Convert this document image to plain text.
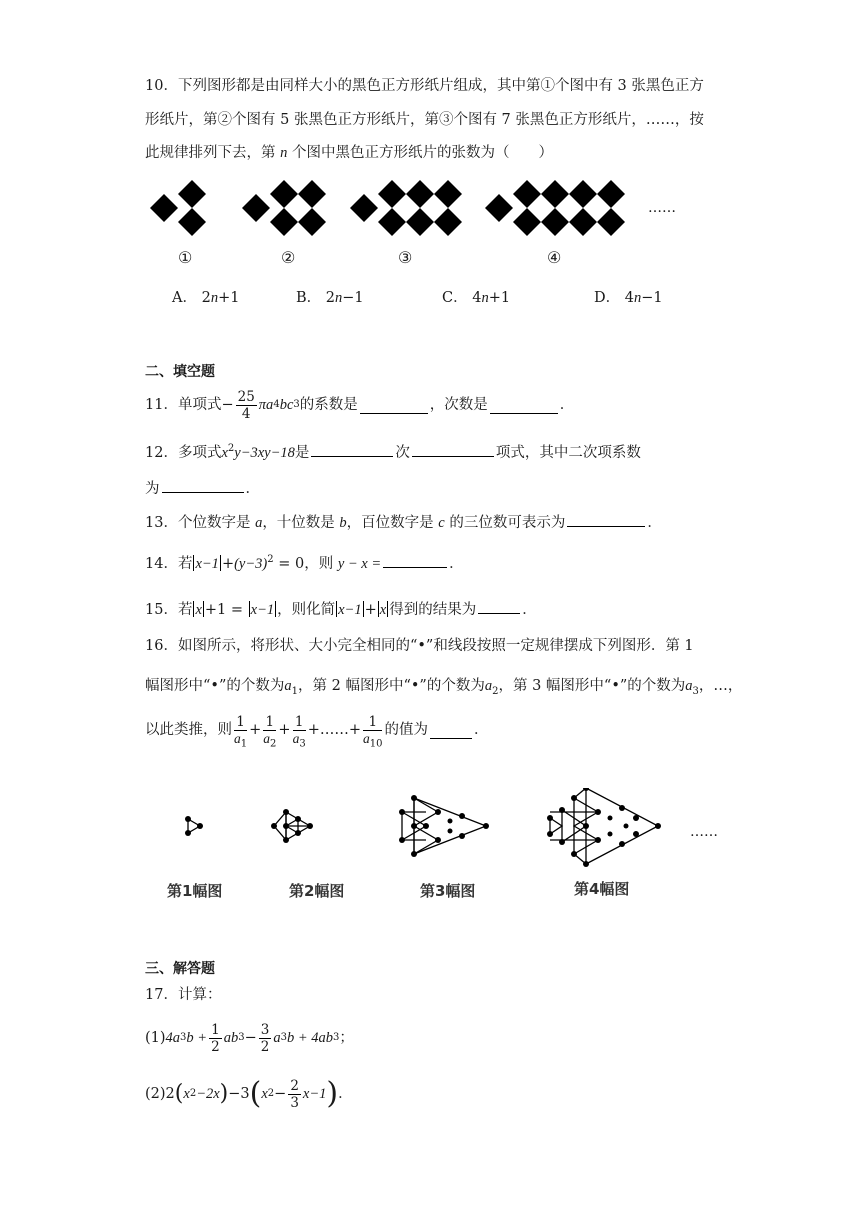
10．下列图形都是由同样大小的黑色正方形纸片组成，其中第①个图中有 3 张黑色正方
形纸片，第②个图有 5 张黑色正方形纸片，第③个图有 7 张黑色正方形纸片，……，按
此规律排列下去，第 n 个图中黑色正方形纸片的张数为（　　）
……
①	②	③	④
A． 2n+1	B． 2n−1	C． 4n+1	D． 4n−1
二、填空题
11．单项式 − $\frac{25}{4}$ πa 4 bc 3 的系数是	，次数是	．
12．多项式$x^2y-3xy-18$是	次	项式，其中二次项系数
为	．
13．个位数字是 a，十位数是 b，百位数字是 c 的三位数可表示为	．
14．若 $x-1 +(y-3)^2 = 0$，则 y − x =	．
15．若 x +1 = x−1 ，则化简 x−1 + x 得到的结果为	．
16．如图所示，将形状、大小完全相同的“•”和线段按照一定规律摆成下列图形．第 1
幅图形中“•”的个数为$a_1$，第 2 幅图形中“•”的个数为$a_2$，第 3 幅图形中“•”的个数为$a_3$，…，
以此类推，则 $\frac{1}{a_1} + \frac{1}{a_2} + \frac{1}{a_3}$ +……+ $\frac{1}{a_{10}}$ 的值为	．
……
第1幅图	第2幅图	第3幅图	第4幅图
三、解答题
17．计算：
(1) 4a 3 $b + \frac{1}{2}$ ab $3 - \frac{3}{2}$ a 3 b + 4ab 3 ；
(2) 2 ( x 2 −2x ) −3 ( x $2 - \frac{2}{3} x-1$ ) ．
